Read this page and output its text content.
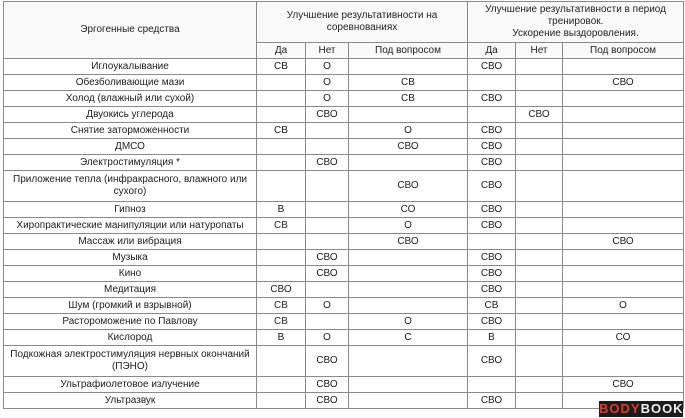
Эргогенные средства	Улучшение результативности на соревнованиях			Улучшение результативности в период тренировок.
Ускорение выздоровления.		
	Да	Нет	Под вопросом	Да	Нет	Под вопросом
Иглоукалывание	СВ	О		СВО		
Обезболивающие мази		О	СВ			СВО
Холод (влажный или сухой)		О	СВ	СВО		
Двуокись углерода		СВО			СВО	
Снятие заторможенности	СВ		О	СВО		
ДМСО			СВО	СВО		
Электростимуляция *		СВО		СВО		
Приложение тепла (инфракрасного, влажного или сухого)			СВО	СВО		
Гипноз	В		СО	СВО		
Хиропрактические манипуляции или натуропаты	СВ		О	СВО		
Массаж или вибрация			СВО			СВО
Музыка		СВО		СВО		
Кино		СВО		СВО		
Медитация	СВО			СВО		
Шум (громкий и взрывной)	СВ	О		СВ		О
Растороможение по Павлову	СВ		О	СВО		
Кислород	В	О	С	В		СО
Подкожная электростимуляция нервных окончаний (ПЭНО)		СВО		СВО		
Ультрафиолетовое излучение		СВО				СВО
Ультразвук		СВО		СВО		
BODYBOOK
